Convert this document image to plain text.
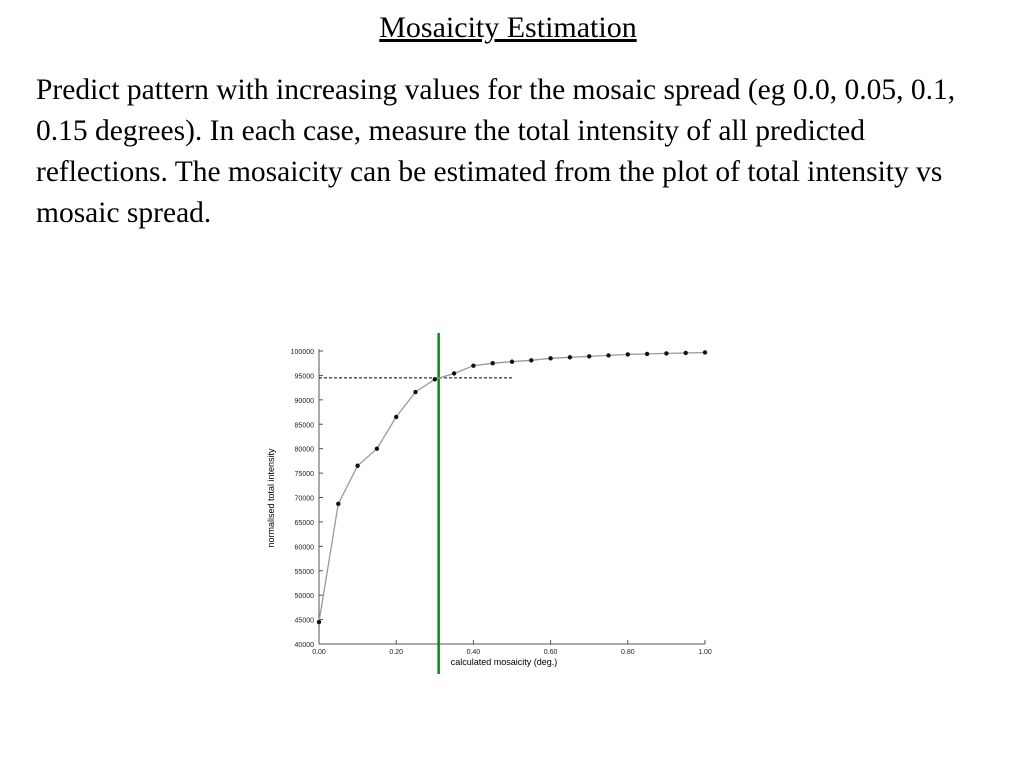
Mosaicity Estimation
Predict pattern with increasing values for the mosaic spread (eg 0.0, 0.05, 0.1, 0.15 degrees). In each case, measure the total intensity of all predicted reflections. The mosaicity can be estimated from the plot of total intensity vs mosaic spread.
40000
45000
50000
55000
60000
65000
70000
75000
80000
85000
90000
95000
100000
0.00	0.20	0.40	0.60	0.80	1.00
normalised total intensity
calculated mosaicity (deg.)
